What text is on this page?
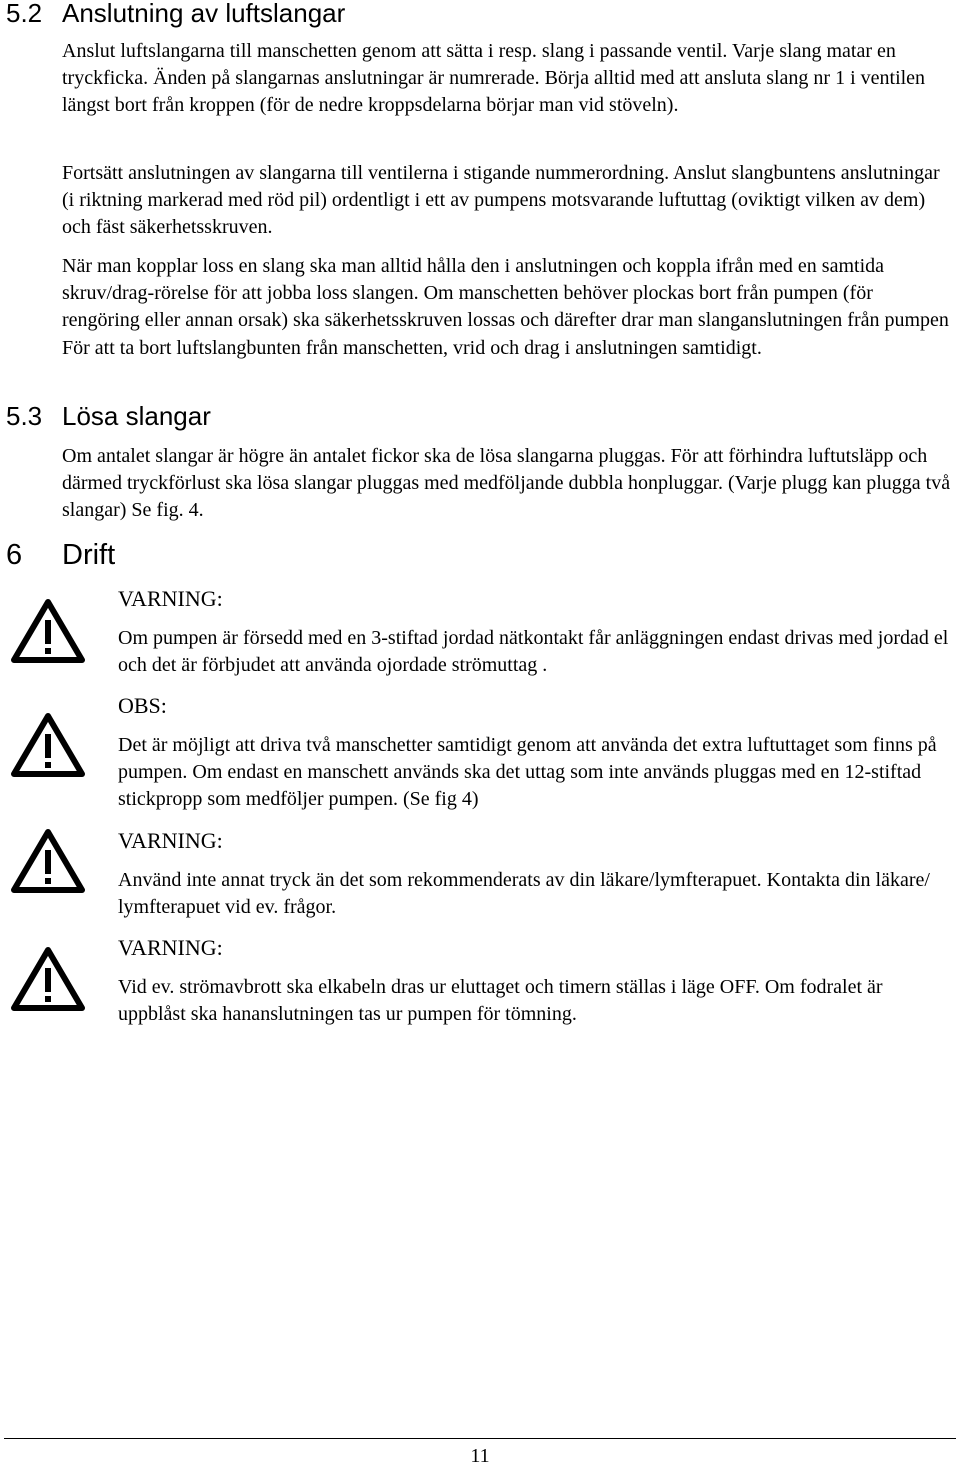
5.2 Anslutning av luftslangar

Anslut luftslangarna till manschetten genom att sätta i resp. slang i passande ventil. Varje slang matar en tryckficka. Änden på slangarnas anslutningar är numrerade. Börja alltid med att ansluta slang nr 1 i ventilen längst bort från kroppen (för de nedre kroppsdelarna börjar man vid stöveln).

Fortsätt anslutningen av slangarna till ventilerna i stigande nummerordning. Anslut slangbuntens anslutningar (i riktning markerad med röd pil) ordentligt i ett av pumpens motsvarande luftuttag (oviktigt vilken av dem) och fäst säkerhetsskruven.

När man kopplar loss en slang ska man alltid hålla den i anslutningen och koppla ifrån med en samtida skruv/drag-rörelse för att jobba loss slangen. Om manschetten behöver plockas bort från pumpen (för rengöring eller annan orsak) ska säkerhetsskruven lossas och därefter drar man slanganslutningen från pumpen För att ta bort luftslangbunten från manschetten, vrid och drag i anslutningen samtidigt.

5.3 Lösa slangar

Om antalet slangar är högre än antalet fickor ska de lösa slangarna pluggas. För att förhindra luftutsläpp och därmed tryckförlust ska lösa slangar pluggas med medföljande dubbla honpluggar. (Varje plugg kan plugga två slangar) Se fig. 4.

6 Drift
VARNING:

Om pumpen är försedd med en 3-stiftad jordad nätkontakt får anläggningen endast drivas med jordad el och det är förbjudet att använda ojordade strömuttag .

OBS:

Det är möjligt att driva två manschetter samtidigt genom att använda det extra luftuttaget som finns på pumpen. Om endast en manschett används ska det uttag som inte används pluggas med en 12-stiftad stickpropp som medföljer pumpen. (Se fig 4)

VARNING:

Använd inte annat tryck än det som rekommenderats av din läkare/lymfterapuet. Kontakta din läkare/ lymfterapuet vid ev. frågor.

VARNING:

Vid ev. strömavbrott ska elkabeln dras ur eluttaget och timern ställas i läge OFF. Om fodralet är uppblåst ska hananslutningen tas ur pumpen för tömning.

11
